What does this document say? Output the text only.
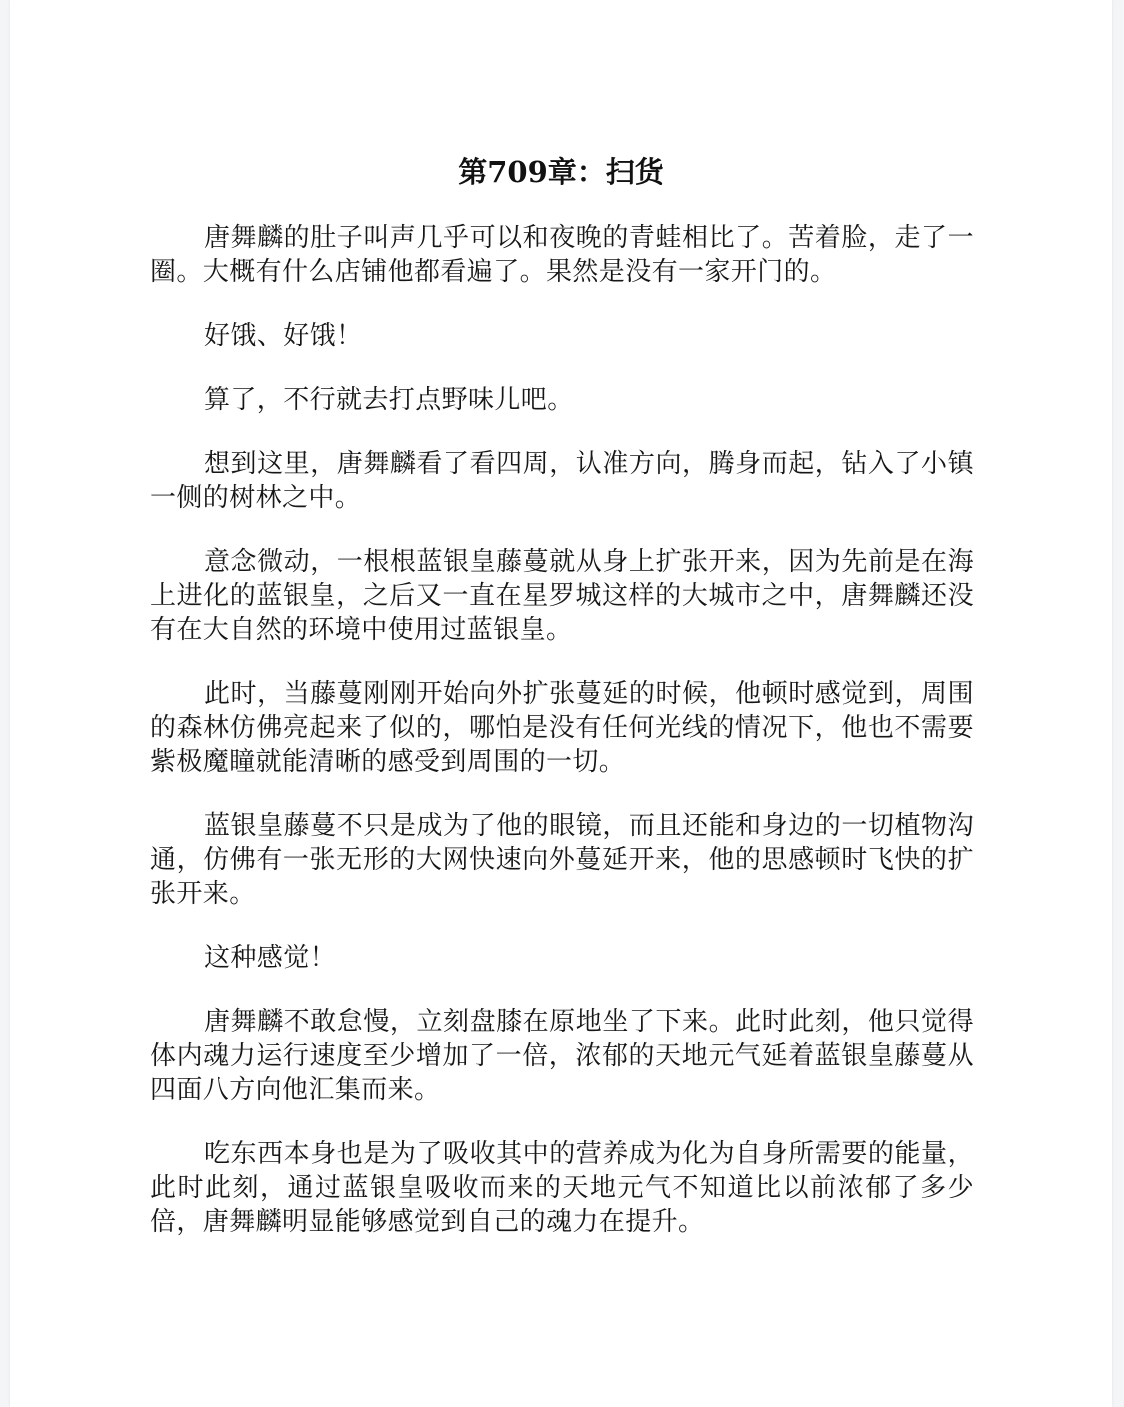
第709章：扫货

唐舞麟的肚子叫声几乎可以和夜晚的青蛙相比了。苦着脸，走了一圈。大概有什么店铺他都看遍了。果然是没有一家开门的。

好饿、好饿！

算了，不行就去打点野味儿吧。

想到这里，唐舞麟看了看四周，认准方向，腾身而起，钻入了小镇一侧的树林之中。

意念微动，一根根蓝银皇藤蔓就从身上扩张开来，因为先前是在海上进化的蓝银皇，之后又一直在星罗城这样的大城市之中，唐舞麟还没有在大自然的环境中使用过蓝银皇。

此时，当藤蔓刚刚开始向外扩张蔓延的时候，他顿时感觉到，周围的森林仿佛亮起来了似的，哪怕是没有任何光线的情况下，他也不需要紫极魔瞳就能清晰的感受到周围的一切。

蓝银皇藤蔓不只是成为了他的眼镜，而且还能和身边的一切植物沟通，仿佛有一张无形的大网快速向外蔓延开来，他的思感顿时飞快的扩张开来。

这种感觉！

唐舞麟不敢怠慢，立刻盘膝在原地坐了下来。此时此刻，他只觉得体内魂力运行速度至少增加了一倍，浓郁的天地元气延着蓝银皇藤蔓从四面八方向他汇集而来。

吃东西本身也是为了吸收其中的营养成为化为自身所需要的能量，此时此刻，通过蓝银皇吸收而来的天地元气不知道比以前浓郁了多少倍，唐舞麟明显能够感觉到自己的魂力在提升。
